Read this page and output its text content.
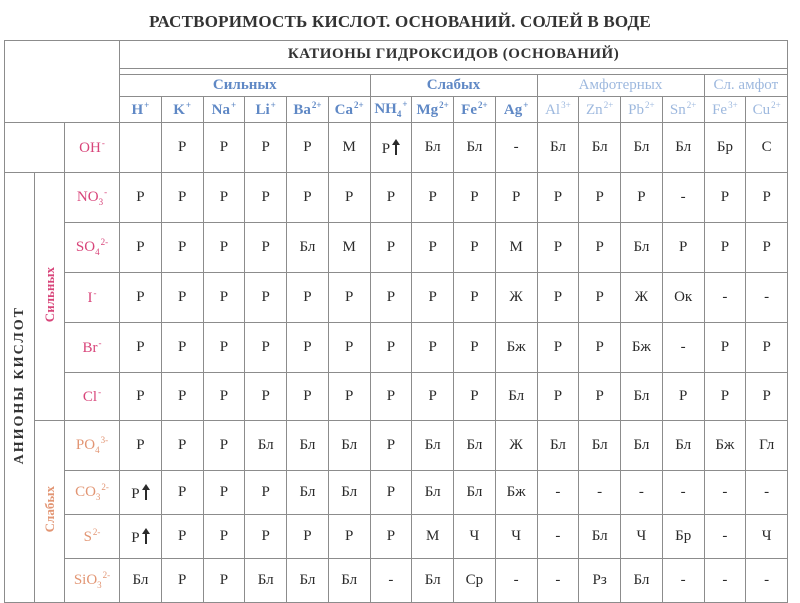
РАСТВОРИМОСТЬ КИСЛОТ. ОСНОВАНИЙ. СОЛЕЙ В ВОДЕ
			КАТИОНЫ ГИДРОКСИДОВ (ОСНОВАНИЙ)															

			Сильных						Слабых				Амфотерных				Сл. амфот	
			H+	K+	Na+	Li+	$Ba^{2+}$	$Ca^{2+}$	$NH_4^+$	$Mg^{2+}$	$Fe^{2+}$	Ag+	$Al^{3+}$	$Zn^{2+}$	$Pb^{2+}$	$Sn^{2+}$	$Fe^{3+}$	$Cu^{2+}$
		OH-		Р	Р	Р	Р	М	Р	Бл	Бл	-	Бл	Бл	Бл	Бл	Бр	С
АНИОНЫ КИСЛОТ	Сильных	$NO_3^-$	Р	Р	Р	Р	Р	Р	Р	Р	Р	Р	Р	Р	Р	-	Р	Р
		$SO_4^{2-}$	Р	Р	Р	Р	Бл	М	Р	Р	Р	М	Р	Р	Бл	Р	Р	Р
		I-	Р	Р	Р	Р	Р	Р	Р	Р	Р	Ж	Р	Р	Ж	Ок	-	-
		Br-	Р	Р	Р	Р	Р	Р	Р	Р	Р	Бж	Р	Р	Бж	-	Р	Р
		Cl-	Р	Р	Р	Р	Р	Р	Р	Р	Р	Бл	Р	Р	Бл	Р	Р	Р
	Слабых	$PO_4^{3-}$	Р	Р	Р	Бл	Бл	Бл	Р	Бл	Бл	Ж	Бл	Бл	Бл	Бл	Бж	Гл
		$CO_3^{2-}$	Р	Р	Р	Р	Бл	Бл	Р	Бл	Бл	Бж	-	-	-	-	-	-
		$S^{2-}$	Р	Р	Р	Р	Р	Р	Р	М	Ч	Ч	-	Бл	Ч	Бр	-	Ч
		SiO$_3^{2-}$	Бл	Р	Р	Бл	Бл	Бл	-	Бл	Ср	-	-	Рз	Бл	-	-	-
